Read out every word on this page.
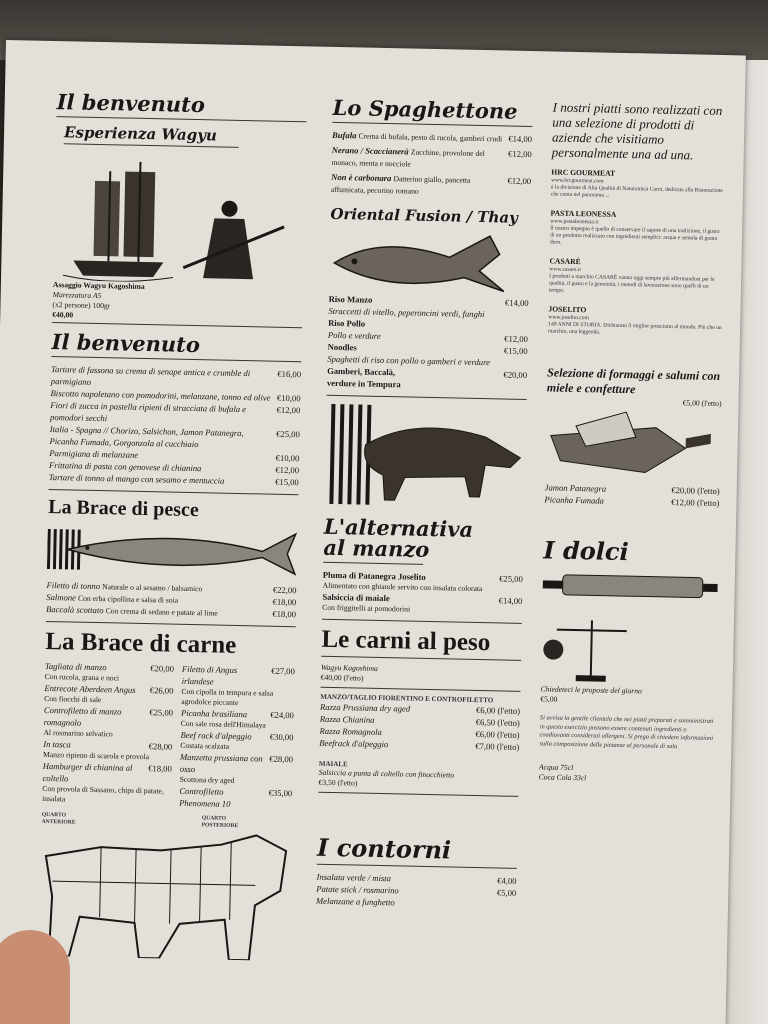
Il benvenuto
Esperienza Wagyu
Assaggio Wagyu Kagoshima
Marezzatura A5
(x2 persone) 100gr
€40,00
Il benvenuto
Tartare di fassona su crema di senape antica e crumble di parmigiano
€16,00
Biscotto napoletano con pomodorini, melanzane, tonno ed olive €10,00
Fiori di zucca in pastella ripieni di stracciata di bufala e pomodori secchi
€12,00
Italia - Spagna // Chorizo, Salsichon, Jamon Patanegra,	€25,00
Picanha Fumada, Gorgonzola al cucchiaio
Parmigiana di melanzane	€10,00
Frittatina di pasta con genovese di chianina	€12,00
Tartare di tonno al mango con sesamo e mentuccia	€15,00
La Brace di pesce
Filetto di tonno Naturale o al sesamo / balsamico	€22,00
Salmone Con erba cipollina e salsa di soia	€18,00
Baccalà scottato Con crema di sedano e patate al lime	€18,00
La Brace di carne
Tagliata di manzo	€20,00
Con rucola, grana e noci
Entrecote Aberdeen Angus €26,00
Con fiocchi di sale
Controfiletto di manzo romagnolo
€25,00
Al rosmarino selvatico
In tasca	€28,00
Manzo ripieno di scarola e provola
Hamburger di chianina al coltello
€18,00
Con provola di Sassano, chips di patate, insalata
Filetto di Angus irlandese
€27,00
Con cipolla in tempura e salsa agrodolce piccante
Picanha brasiliana	€24,00
Con sale rosa dell'Himalaya
Beef rack d'alpeggio €30,00
Costata scalzata
Manzetta prussiana con osso
€28,00
Scottona dry aged
Controfiletto Phenomena 10
€35,00
QUARTO ANTERIORE
QUARTO POSTERIORE
Lo Spaghettone
Bufala Crema di bufala, pesto di rucola, gamberi crudi €14,00
Nerano / Scaccianerà Zucchine, provolone del monaco, menta e nocciole
€12,00
Non è carbonara Datterino giallo, pancetta affumicata, pecorino romano
€12,00
Oriental Fusion / Thay
Riso Manzo	€14,00
Straccetti di vitello, peperoncini verdi, funghi
Riso Pollo
Pollo e verdure	€12,00
Noodles	€15,00
Spaghetti di riso con pollo o gamberi e verdure
Gamberi, Baccalà,	€20,00
verdure in Tempura
L'alternativa
al manzo
Pluma di Patanegra Joselito	€25,00
Alimentato con ghiande servito con insalata colorata
Salsiccia di maiale	€14,00
Con friggitelli ai pomodorini
Le carni al peso
Wagyu Kagoshima
€40,00 (l'etto)
MANZO/TAGLIO FIORENTINO E CONTROFILETTO
Razza Prussiana dry aged	€6,00 (l'etto)
Razza Chianina	€6,50 (l'etto)
Razza Romagnola	€6,00 (l'etto)
Beefrack d'alpeggio	€7,00 (l'etto)
MAIALE
Salsiccia a punta di coltello con finocchietto
€3,50 (l'etto)
I contorni
Insalata verde / mista	€4,00
Patate stick / rosmarino	€5,00
Melanzane a funghetto
I nostri piatti sono realizzati con una selezione di prodotti di aziende che visitiamo personalmente una ad una.
HRC GOURMEAT
www.hrcgourmeat.com
è la divisione di Alta Qualità di Naturamica Carni, dedicata alla Ristorazione che conta nel panorama ...
PASTA LEONESSA
www.pastaleonessa.it
Il nostro impegno è quello di conservare il sapore di una tradizione, il gusto di un prodotto realizzato con ingredienti semplici: acqua e semola di grano duro.
CASARÈ
www.casare.it
I prodotti a marchio CASARÈ vanno oggi sempre più affermandosi per le qualità, il gusto e la genuinità, i metodi di lavorazione sono quelli di un tempo.
JOSELITO
www.joselito.com
149 ANNI DI STORIA. Dichiarato il miglior prosciutto al mondo. Più che un marchio, una leggenda.
Selezione di formaggi e salumi con miele e confetture
€5,00 (l'etto)
Jamon Patanegra	€20,00 (l'etto)
Picanha Fumada	€12,00 (l'etto)
I dolci
Chiedeteci le proposte del giorno
€5,00
Si avvisa la gentile clientela che nei piatti preparati e somministrati in questo esercizio possono essere contenuti ingredienti o coadiuvanti considerati allergeni. Si prega di chiedere informazioni sulla composizione delle pietanze al personale di sala
Acqua 75cl
Coca Cola 33cl
